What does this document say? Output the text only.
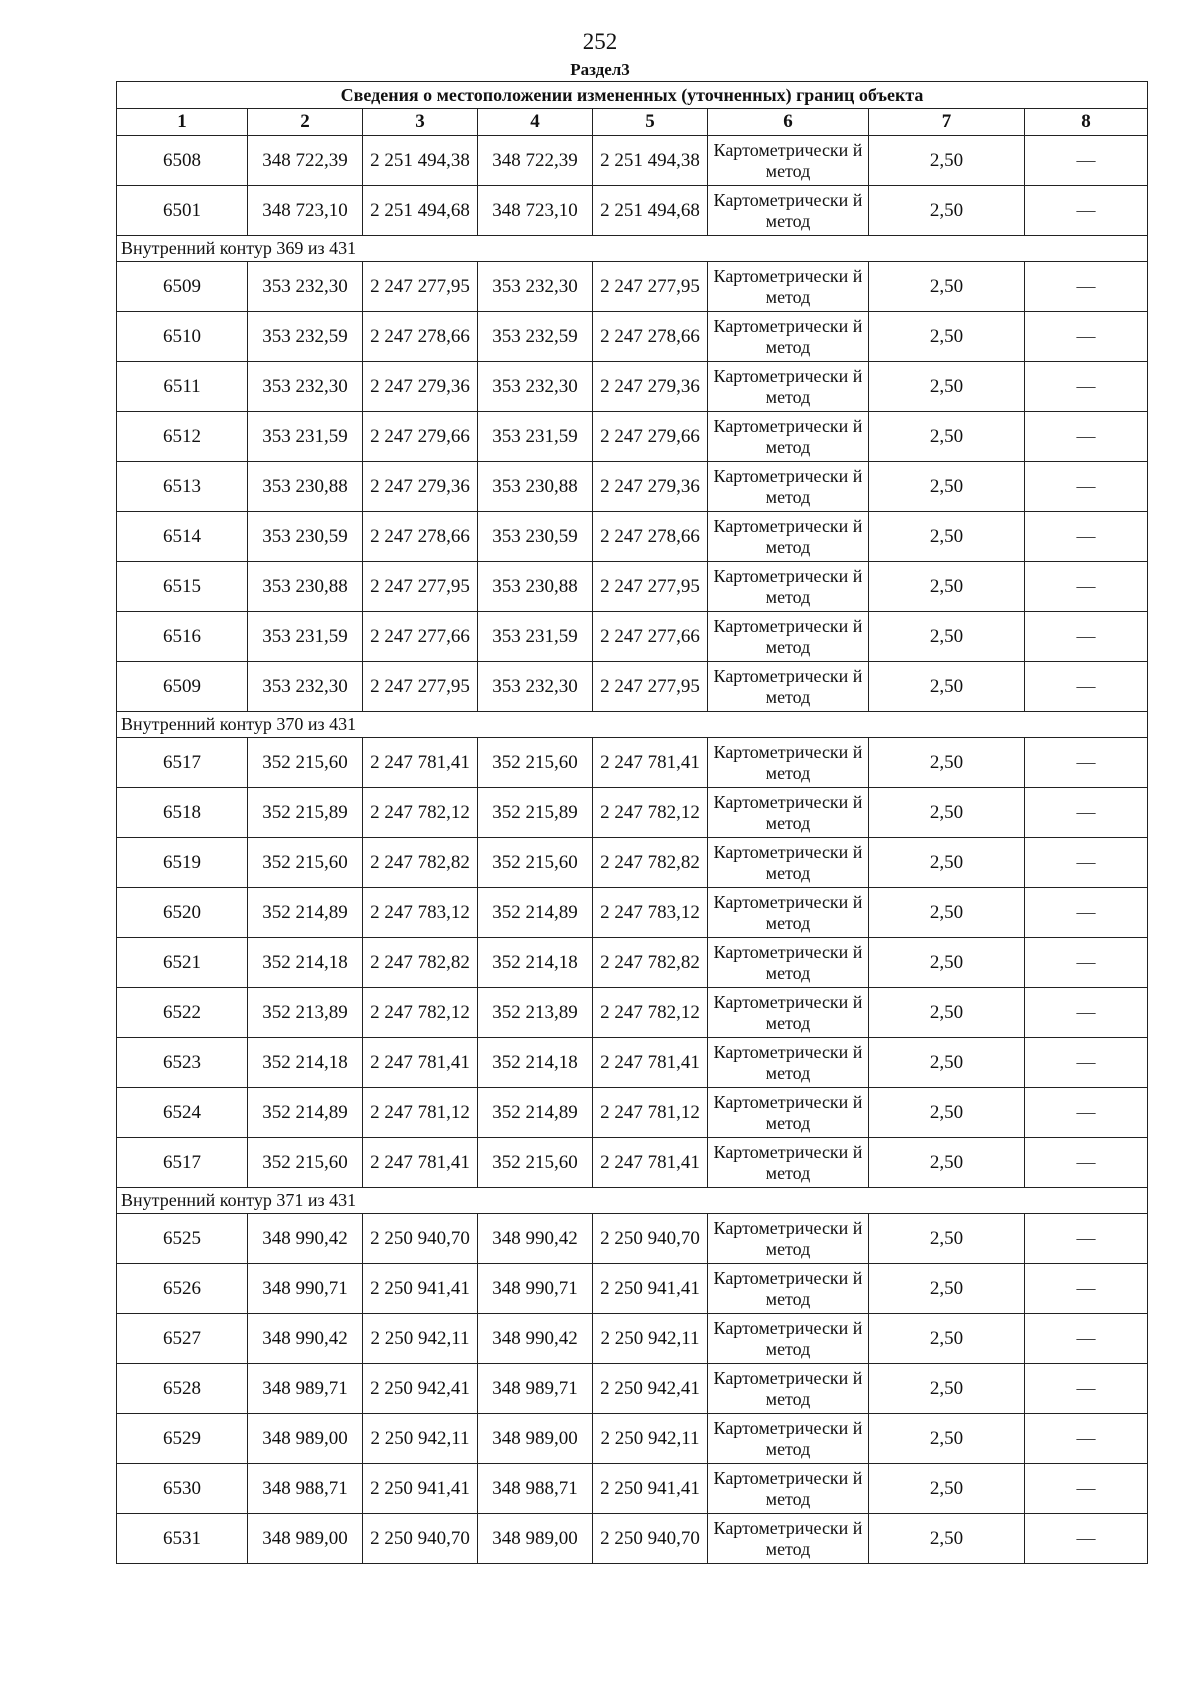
252
Раздел3
Сведения о местоположении измененных (уточненных) границ объекта							
1	2	3	4	5	6	7	8
6508	348 722,39	2 251 494,38	348 722,39	2 251 494,38	Картометрически й метод	2,50	—
6501	348 723,10	2 251 494,68	348 723,10	2 251 494,68	Картометрически й метод	2,50	—
Внутренний контур 369 из 431							
6509	353 232,30	2 247 277,95	353 232,30	2 247 277,95	Картометрически й метод	2,50	—
6510	353 232,59	2 247 278,66	353 232,59	2 247 278,66	Картометрически й метод	2,50	—
6511	353 232,30	2 247 279,36	353 232,30	2 247 279,36	Картометрически й метод	2,50	—
6512	353 231,59	2 247 279,66	353 231,59	2 247 279,66	Картометрически й метод	2,50	—
6513	353 230,88	2 247 279,36	353 230,88	2 247 279,36	Картометрически й метод	2,50	—
6514	353 230,59	2 247 278,66	353 230,59	2 247 278,66	Картометрически й метод	2,50	—
6515	353 230,88	2 247 277,95	353 230,88	2 247 277,95	Картометрически й метод	2,50	—
6516	353 231,59	2 247 277,66	353 231,59	2 247 277,66	Картометрически й метод	2,50	—
6509	353 232,30	2 247 277,95	353 232,30	2 247 277,95	Картометрически й метод	2,50	—
Внутренний контур 370 из 431							
6517	352 215,60	2 247 781,41	352 215,60	2 247 781,41	Картометрически й метод	2,50	—
6518	352 215,89	2 247 782,12	352 215,89	2 247 782,12	Картометрически й метод	2,50	—
6519	352 215,60	2 247 782,82	352 215,60	2 247 782,82	Картометрически й метод	2,50	—
6520	352 214,89	2 247 783,12	352 214,89	2 247 783,12	Картометрически й метод	2,50	—
6521	352 214,18	2 247 782,82	352 214,18	2 247 782,82	Картометрически й метод	2,50	—
6522	352 213,89	2 247 782,12	352 213,89	2 247 782,12	Картометрически й метод	2,50	—
6523	352 214,18	2 247 781,41	352 214,18	2 247 781,41	Картометрически й метод	2,50	—
6524	352 214,89	2 247 781,12	352 214,89	2 247 781,12	Картометрически й метод	2,50	—
6517	352 215,60	2 247 781,41	352 215,60	2 247 781,41	Картометрически й метод	2,50	—
Внутренний контур 371 из 431							
6525	348 990,42	2 250 940,70	348 990,42	2 250 940,70	Картометрически й метод	2,50	—
6526	348 990,71	2 250 941,41	348 990,71	2 250 941,41	Картометрически й метод	2,50	—
6527	348 990,42	2 250 942,11	348 990,42	2 250 942,11	Картометрически й метод	2,50	—
6528	348 989,71	2 250 942,41	348 989,71	2 250 942,41	Картометрически й метод	2,50	—
6529	348 989,00	2 250 942,11	348 989,00	2 250 942,11	Картометрически й метод	2,50	—
6530	348 988,71	2 250 941,41	348 988,71	2 250 941,41	Картометрически й метод	2,50	—
6531	348 989,00	2 250 940,70	348 989,00	2 250 940,70	Картометрически й метод	2,50	—
